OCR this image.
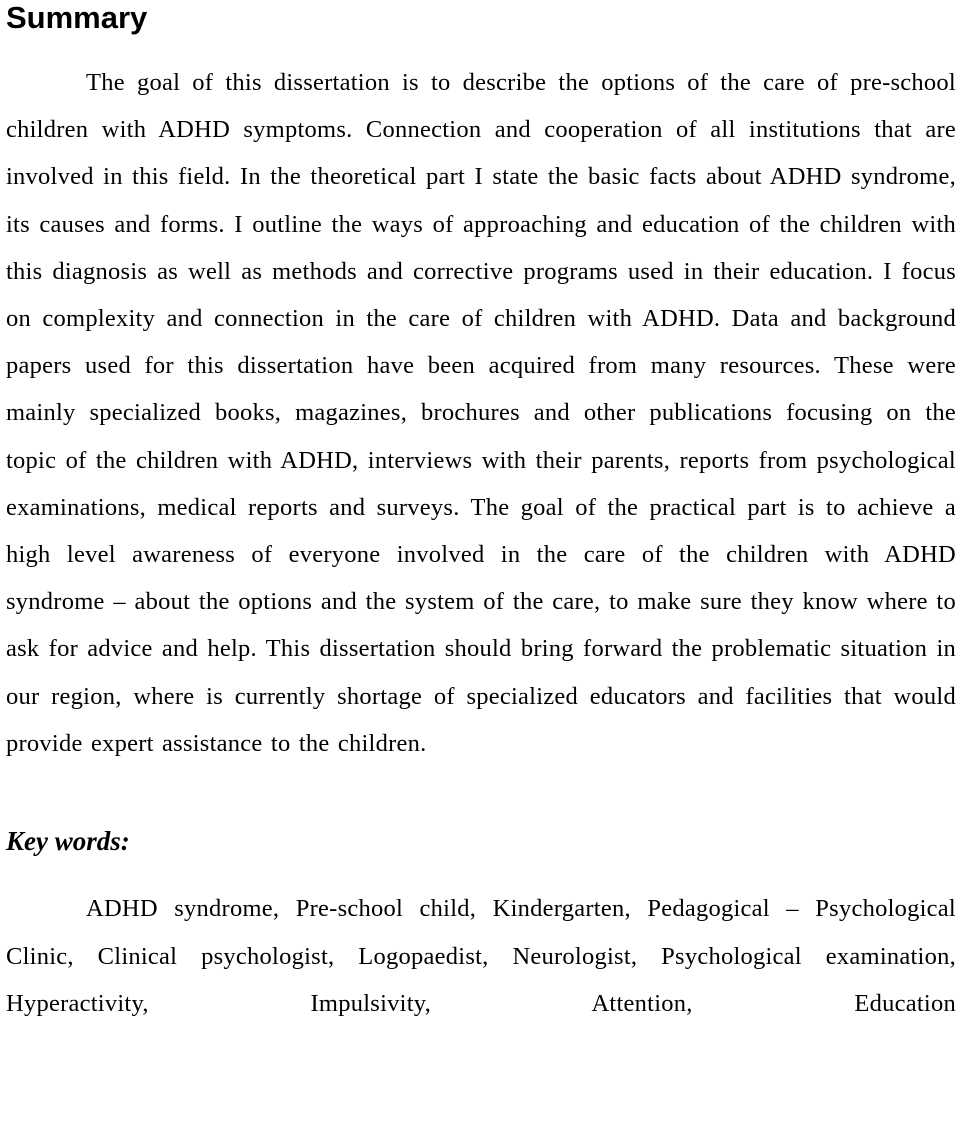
Summary

The goal of this dissertation is to describe the options of the care of pre-school children with ADHD symptoms. Connection and cooperation of all institutions that are involved in this field. In the theoretical part I state the basic facts about ADHD syndrome, its causes and forms. I outline the ways of approaching and education of the children with this diagnosis as well as methods and corrective programs used in their education. I focus on complexity and connection in the care of children with ADHD. Data and background papers used for this dissertation have been acquired from many resources. These were mainly specialized books, magazines, brochures and other publications focusing on the topic of the children with ADHD, interviews with their parents, reports from psychological examinations, medical reports and surveys. The goal of the practical part is to achieve a high level awareness of everyone involved in the care of the children with ADHD syndrome – about the options and the system of the care, to make sure they know where to ask for advice and help. This dissertation should bring forward the problematic situation in our region, where is currently shortage of specialized educators and facilities that would provide expert assistance to the children.

Key words:

ADHD syndrome, Pre-school child, Kindergarten, Pedagogical – Psychological Clinic, Clinical psychologist, Logopaedist, Neurologist, Psychological examination, Hyperactivity, Impulsivity, Attention, Education
